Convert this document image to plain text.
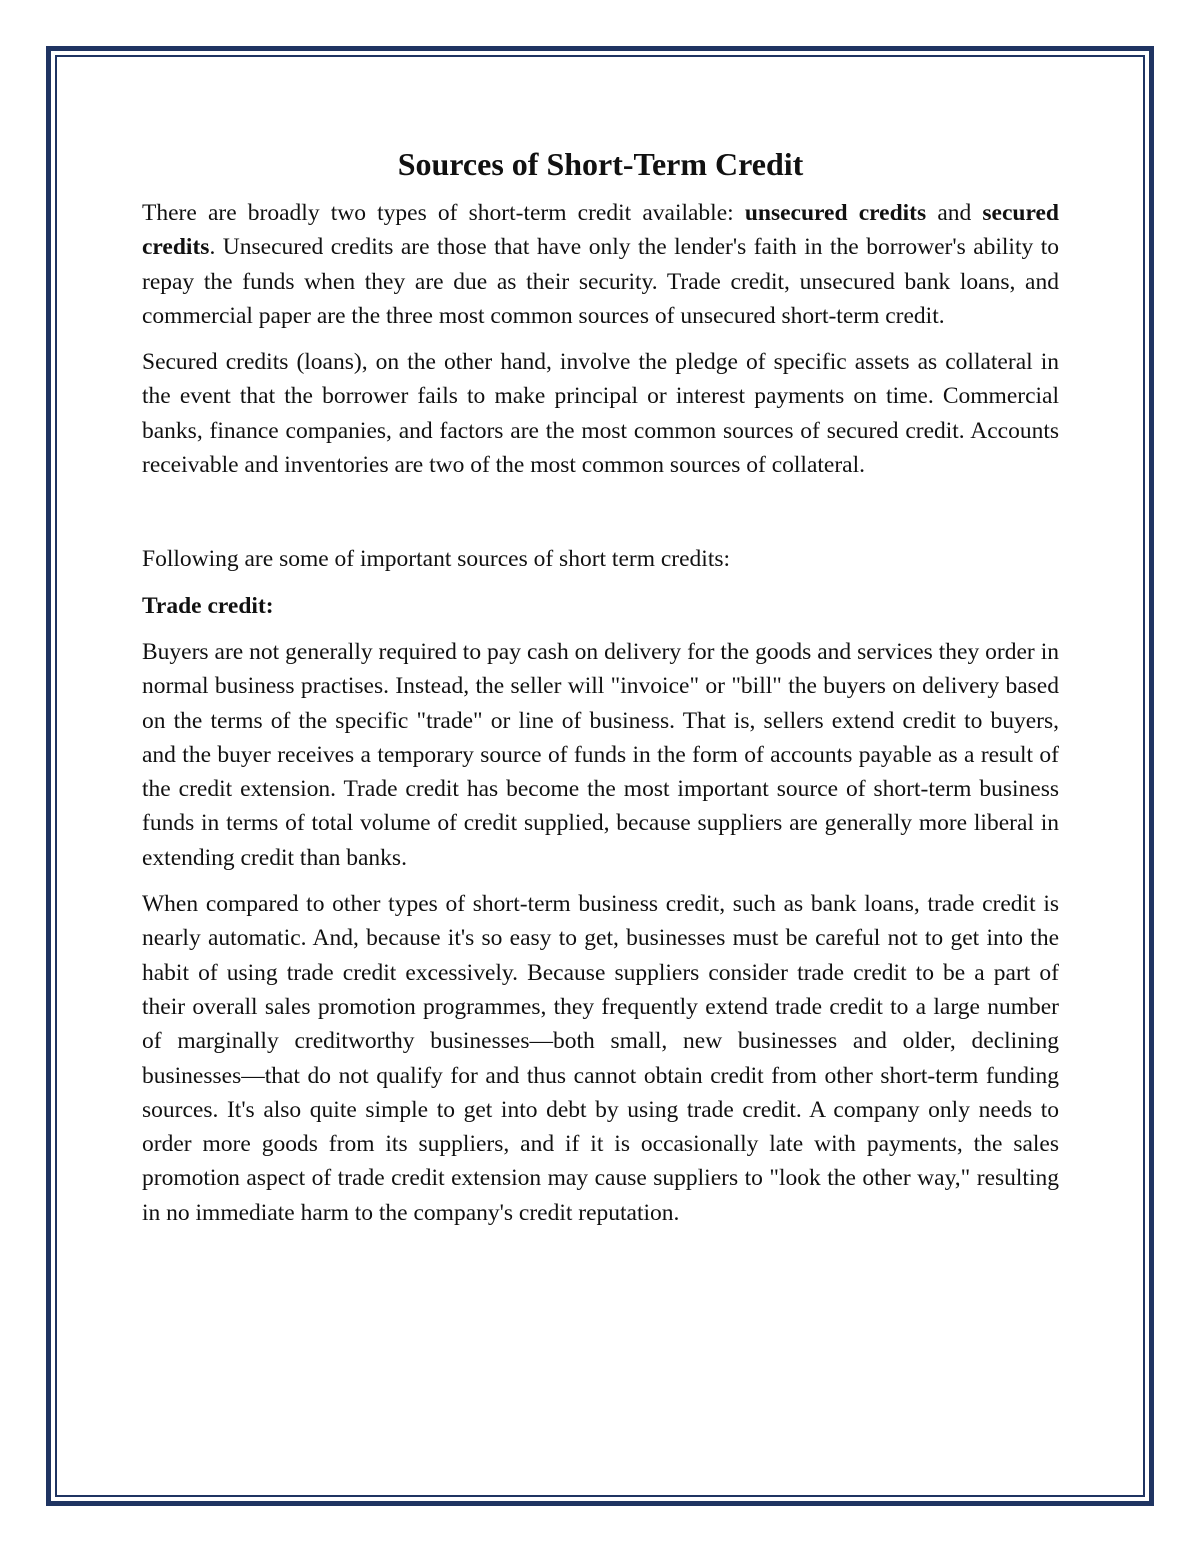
Sources of Short-Term Credit

There are broadly two types of short-term credit available: unsecured credits and secured credits. Unsecured credits are those that have only the lender's faith in the borrower's ability to repay the funds when they are due as their security. Trade credit, unsecured bank loans, and commercial paper are the three most common sources of unsecured short-term credit.

Secured credits (loans), on the other hand, involve the pledge of specific assets as collateral in the event that the borrower fails to make principal or interest payments on time. Commercial banks, finance companies, and factors are the most common sources of secured credit. Accounts receivable and inventories are two of the most common sources of collateral.

Following are some of important sources of short term credits:

Trade credit:

Buyers are not generally required to pay cash on delivery for the goods and services they order in normal business practises. Instead, the seller will "invoice" or "bill" the buyers on delivery based on the terms of the specific "trade" or line of business. That is, sellers extend credit to buyers, and the buyer receives a temporary source of funds in the form of accounts payable as a result of the credit extension. Trade credit has become the most important source of short-term business funds in terms of total volume of credit supplied, because suppliers are generally more liberal in extending credit than banks.

When compared to other types of short-term business credit, such as bank loans, trade credit is nearly automatic. And, because it's so easy to get, businesses must be careful not to get into the habit of using trade credit excessively. Because suppliers consider trade credit to be a part of their overall sales promotion programmes, they frequently extend trade credit to a large number of marginally creditworthy businesses—both small, new businesses and older, declining businesses—that do not qualify for and thus cannot obtain credit from other short-term funding sources. It's also quite simple to get into debt by using trade credit. A company only needs to order more goods from its suppliers, and if it is occasionally late with payments, the sales promotion aspect of trade credit extension may cause suppliers to "look the other way," resulting in no immediate harm to the company's credit reputation.
